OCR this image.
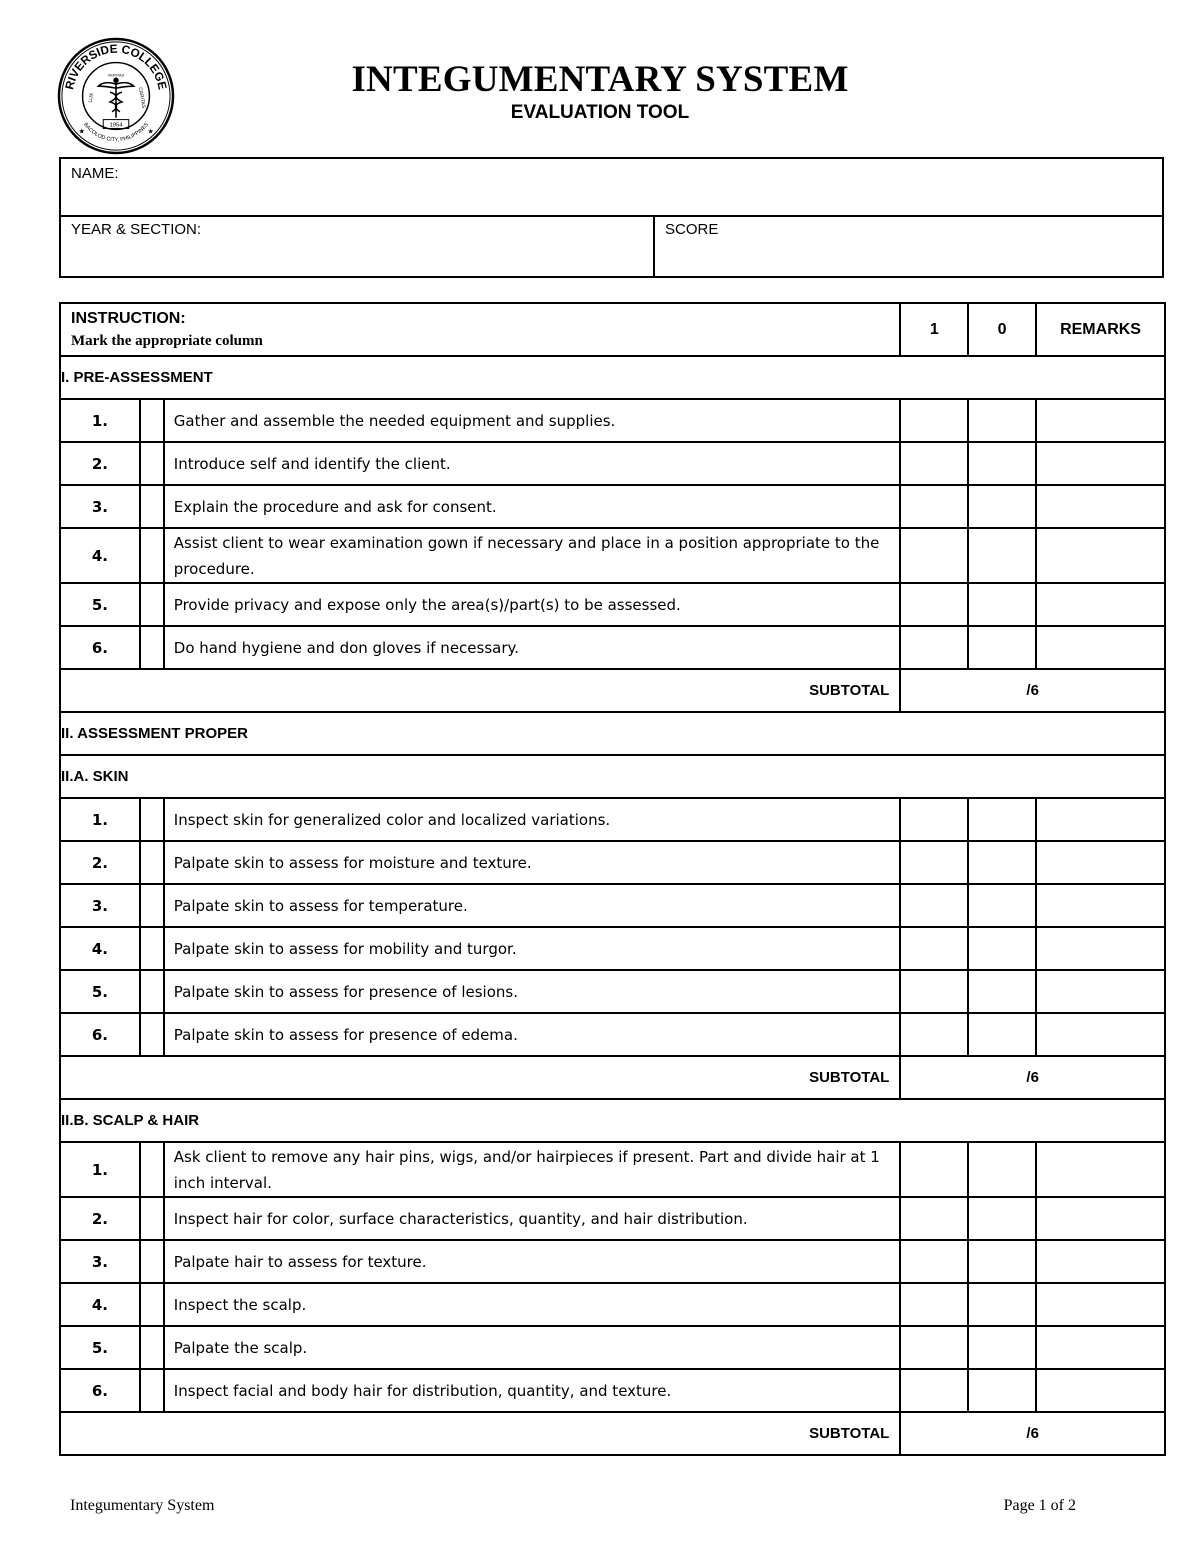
RIVERSIDE COLLEGE
BACOLOD CITY, PHILIPPINES
LUX	CARITAS
VERITAS
1954
★	★
INTEGUMENTARY SYSTEM
EVALUATION TOOL
NAME:
YEAR & SECTION:	SCORE
INSTRUCTION:
Mark the appropriate column			1	0	REMARKS
I. PRE-ASSESSMENT					
1.		Gather and assemble the needed equipment and supplies.			
2.		Introduce self and identify the client.			
3.		Explain the procedure and ask for consent.			
4.		Assist client to wear examination gown if necessary and place in a position appropriate to the procedure.			
5.		Provide privacy and expose only the area(s)/part(s) to be assessed.			
6.		Do hand hygiene and don gloves if necessary.			
SUBTOTAL			/6		
II. ASSESSMENT PROPER					
II.A. SKIN					
1.		Inspect skin for generalized color and localized variations.			
2.		Palpate skin to assess for moisture and texture.			
3.		Palpate skin to assess for temperature.			
4.		Palpate skin to assess for mobility and turgor.			
5.		Palpate skin to assess for presence of lesions.			
6.		Palpate skin to assess for presence of edema.			
SUBTOTAL			/6		
II.B. SCALP & HAIR					
1.		Ask client to remove any hair pins, wigs, and/or hairpieces if present. Part and divide hair at 1 inch interval.			
2.		Inspect hair for color, surface characteristics, quantity, and hair distribution.			
3.		Palpate hair to assess for texture.			
4.		Inspect the scalp.			
5.		Palpate the scalp.			
6.		Inspect facial and body hair for distribution, quantity, and texture.			
SUBTOTAL			/6		
Integumentary System	Page 1 of 2
